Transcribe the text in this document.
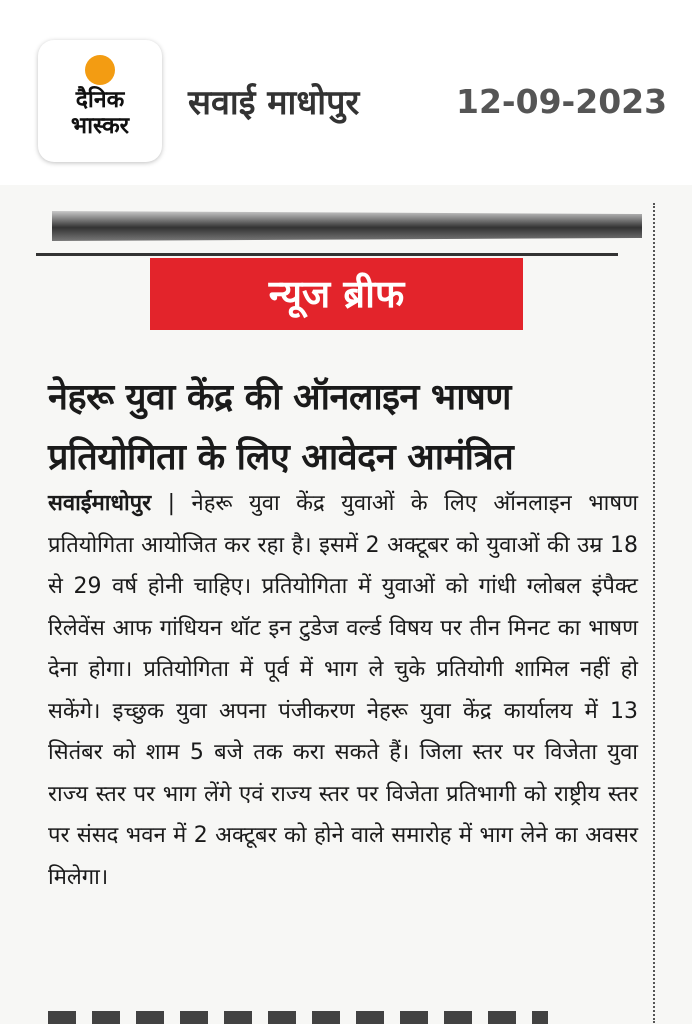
दैनिक
भास्कर
सवाई माधोपुर	12-09-2023
न्यूज ब्रीफ
नेहरू युवा केंद्र की ऑनलाइन भाषण प्रतियोगिता के लिए आवेदन आमंत्रित
सवाईमाधोपुर | नेहरू युवा केंद्र युवाओं के लिए ऑनलाइन भाषण प्रतियोगिता आयोजित कर रहा है। इसमें 2 अक्टूबर को युवाओं की उम्र 18 से 29 वर्ष होनी चाहिए। प्रतियोगिता में युवाओं को गांधी ग्लोबल इंपैक्ट रिलेवेंस आफ गांधियन थॉट इन टुडेज वर्ल्ड विषय पर तीन मिनट का भाषण देना होगा। प्रतियोगिता में पूर्व में भाग ले चुके प्रतियोगी शामिल नहीं हो सकेंगे। इच्छुक युवा अपना पंजीकरण नेहरू युवा केंद्र कार्यालय में 13 सितंबर को शाम 5 बजे तक करा सकते हैं। जिला स्तर पर विजेता युवा राज्य स्तर पर भाग लेंगे एवं राज्य स्तर पर विजेता प्रतिभागी को राष्ट्रीय स्तर पर संसद भवन में 2 अक्टूबर को होने वाले समारोह में भाग लेने का अवसर मिलेगा।
